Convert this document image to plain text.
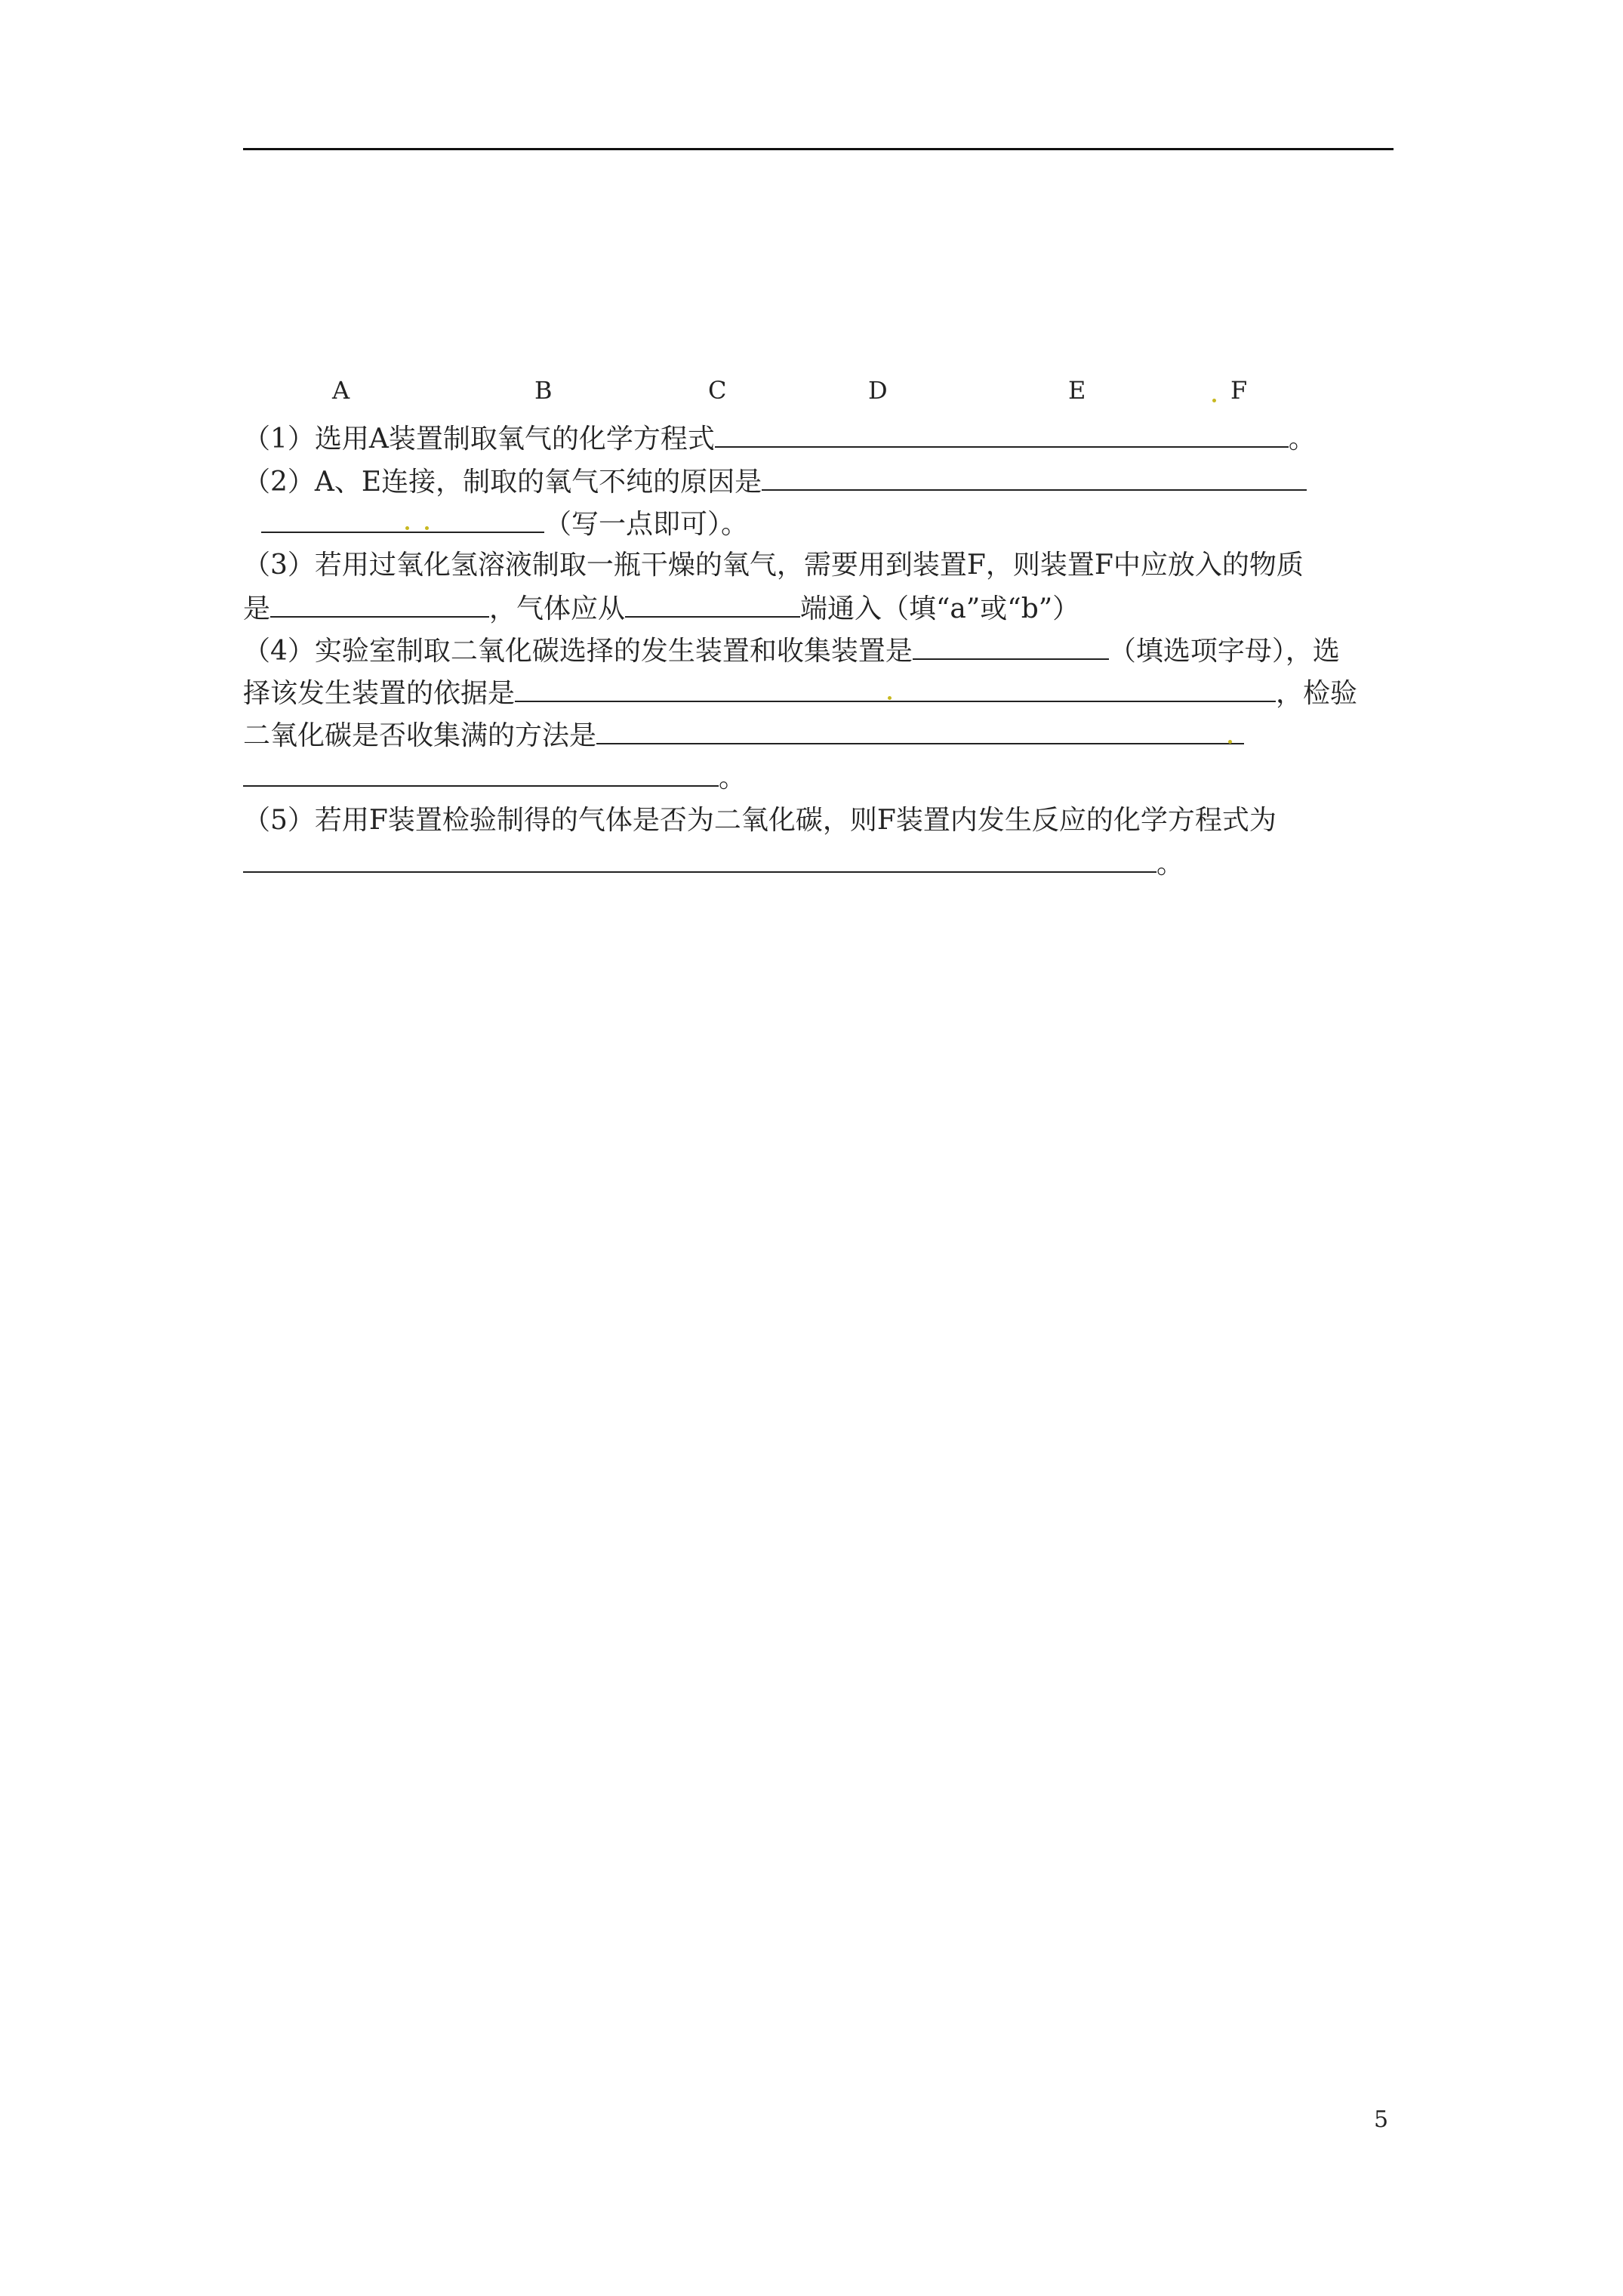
A	B	C	D	E	F
（1）选用A装置制取氧气的化学方程式	。
（2）A、E连接，制取的氧气不纯的原因是
（写一点即可）。
（3）若用过氧化氢溶液制取一瓶干燥的氧气，需要用到装置F，则装置F中应放入的物质
是	，气体应从	端通入（填“a”或“b”）
（4）实验室制取二氧化碳选择的发生装置和收集装置是	（填选项字母），选
择该发生装置的依据是	，检验
二氧化碳是否收集满的方法是
。
（5）若用F装置检验制得的气体是否为二氧化碳，则F装置内发生反应的化学方程式为
。
5
